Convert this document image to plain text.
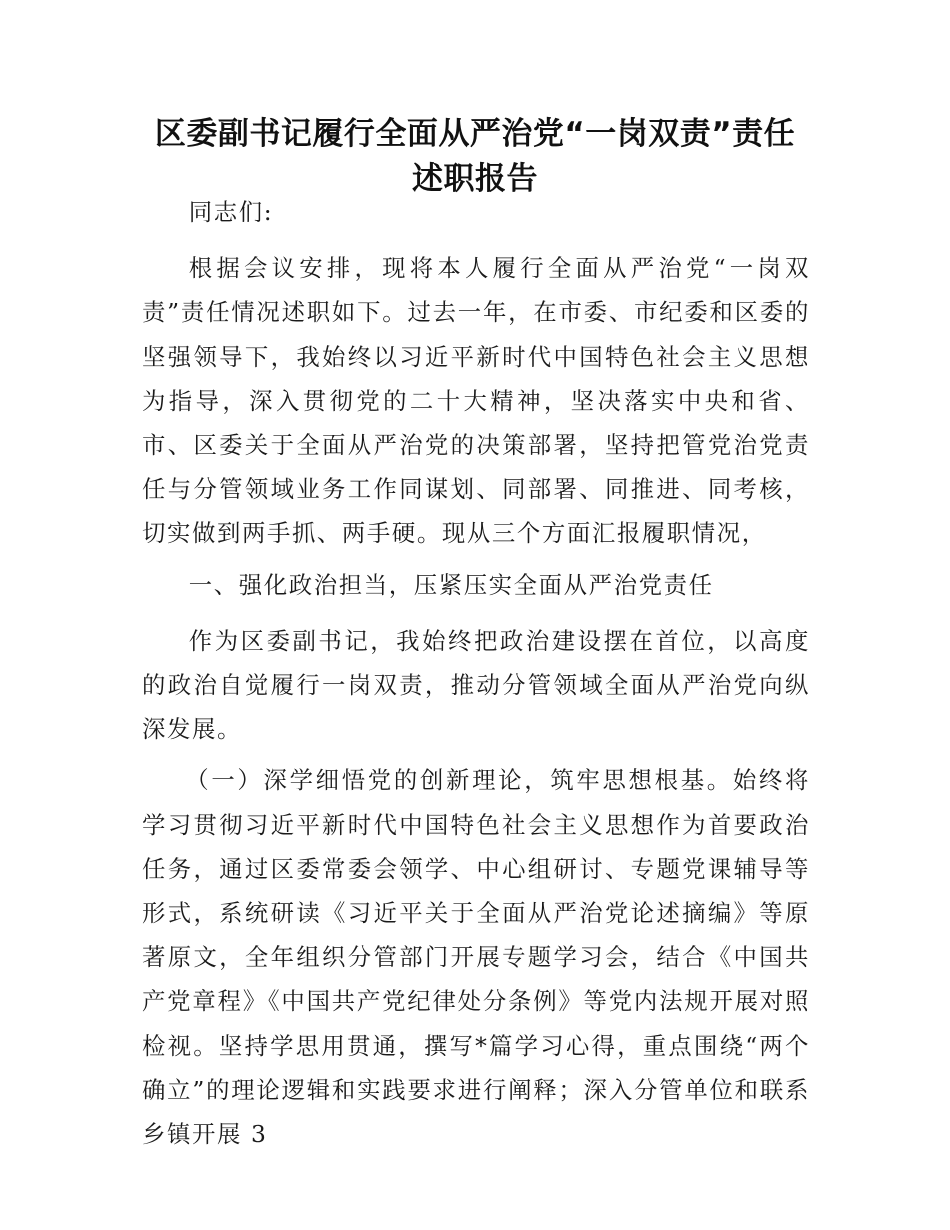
区委副书记履行全面从严治党“一岗双责”责任述职报告

同志们:

根据会议安排，现将本人履行全面从严治党“一岗双责”责任情况述职如下。过去一年，在市委、市纪委和区委的坚强领导下，我始终以习近平新时代中国特色社会主义思想为指导，深入贯彻党的二十大精神，坚决落实中央和省、市、区委关于全面从严治党的决策部署，坚持把管党治党责任与分管领域业务工作同谋划、同部署、同推进、同考核，切实做到两手抓、两手硬。现从三个方面汇报履职情况，

一、强化政治担当，压紧压实全面从严治党责任

作为区委副书记，我始终把政治建设摆在首位，以高度的政治自觉履行一岗双责，推动分管领域全面从严治党向纵深发展。

（一）深学细悟党的创新理论，筑牢思想根基。始终将学习贯彻习近平新时代中国特色社会主义思想作为首要政治任务，通过区委常委会领学、中心组研讨、专题党课辅导等形式，系统研读《习近平关于全面从严治党论述摘编》等原著原文，全年组织分管部门开展专题学习会，结合《中国共产党章程》《中国共产党纪律处分条例》等党内法规开展对照检视。坚持学思用贯通，撰写*篇学习心得，重点围绕“两个确立”的理论逻辑和实践要求进行阐释；深入分管单位和联系乡镇开展 3
